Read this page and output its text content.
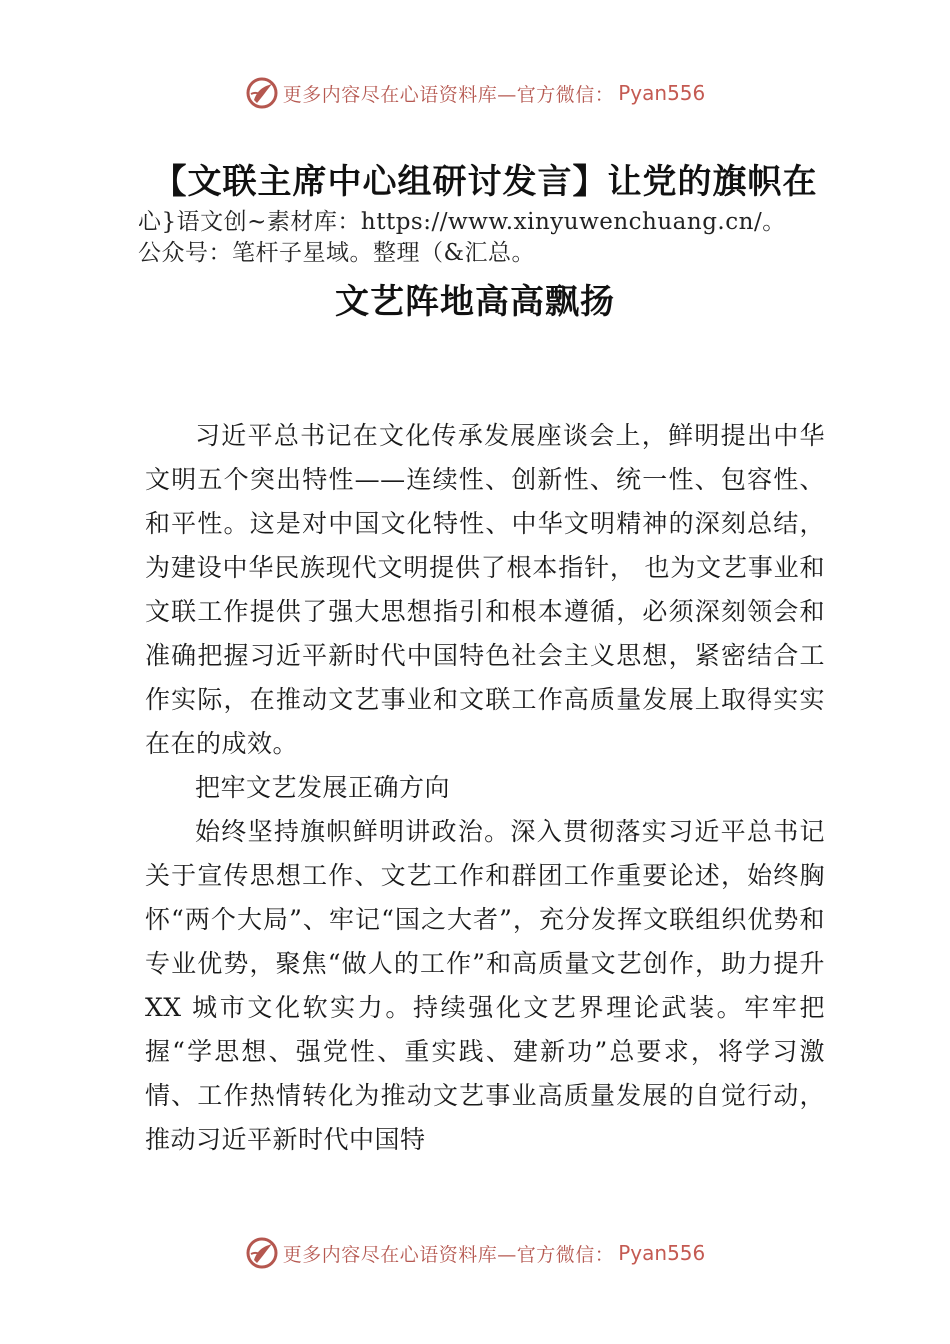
更多内容尽在心语资料库—官方微信： Pyan556
【文联主席中心组研讨发言】让党的旗帜在
心}语文创~素材库：https://www.xinyuwenchuang.cn/。
公众号：笔杆子星域。整理（&汇总。
文艺阵地高高飘扬

习近平总书记在文化传承发展座谈会上，鲜明提出中华文明五个突出特性——连续性、创新性、统一性、包容性、和平性。这是对中国文化特性、中华文明精神的深刻总结，为建设中华民族现代文明提供了根本指针， 也为文艺事业和文联工作提供了强大思想指引和根本遵循，必须深刻领会和准确把握习近平新时代中国特色社会主义思想，紧密结合工作实际，在推动文艺事业和文联工作高质量发展上取得实实在在的成效。

把牢文艺发展正确方向

始终坚持旗帜鲜明讲政治。深入贯彻落实习近平总书记关于宣传思想工作、文艺工作和群团工作重要论述，始终胸怀“两个大局”、牢记“国之大者”，充分发挥文联组织优势和专业优势，聚焦“做人的工作”和高质量文艺创作，助力提升XX 城市文化软实力。持续强化文艺界理论武装。牢牢把握“学思想、强党性、重实践、建新功”总要求，将学习激情、工作热情转化为推动文艺事业高质量发展的自觉行动，推动习近平新时代中国特

更多内容尽在心语资料库—官方微信： Pyan556
